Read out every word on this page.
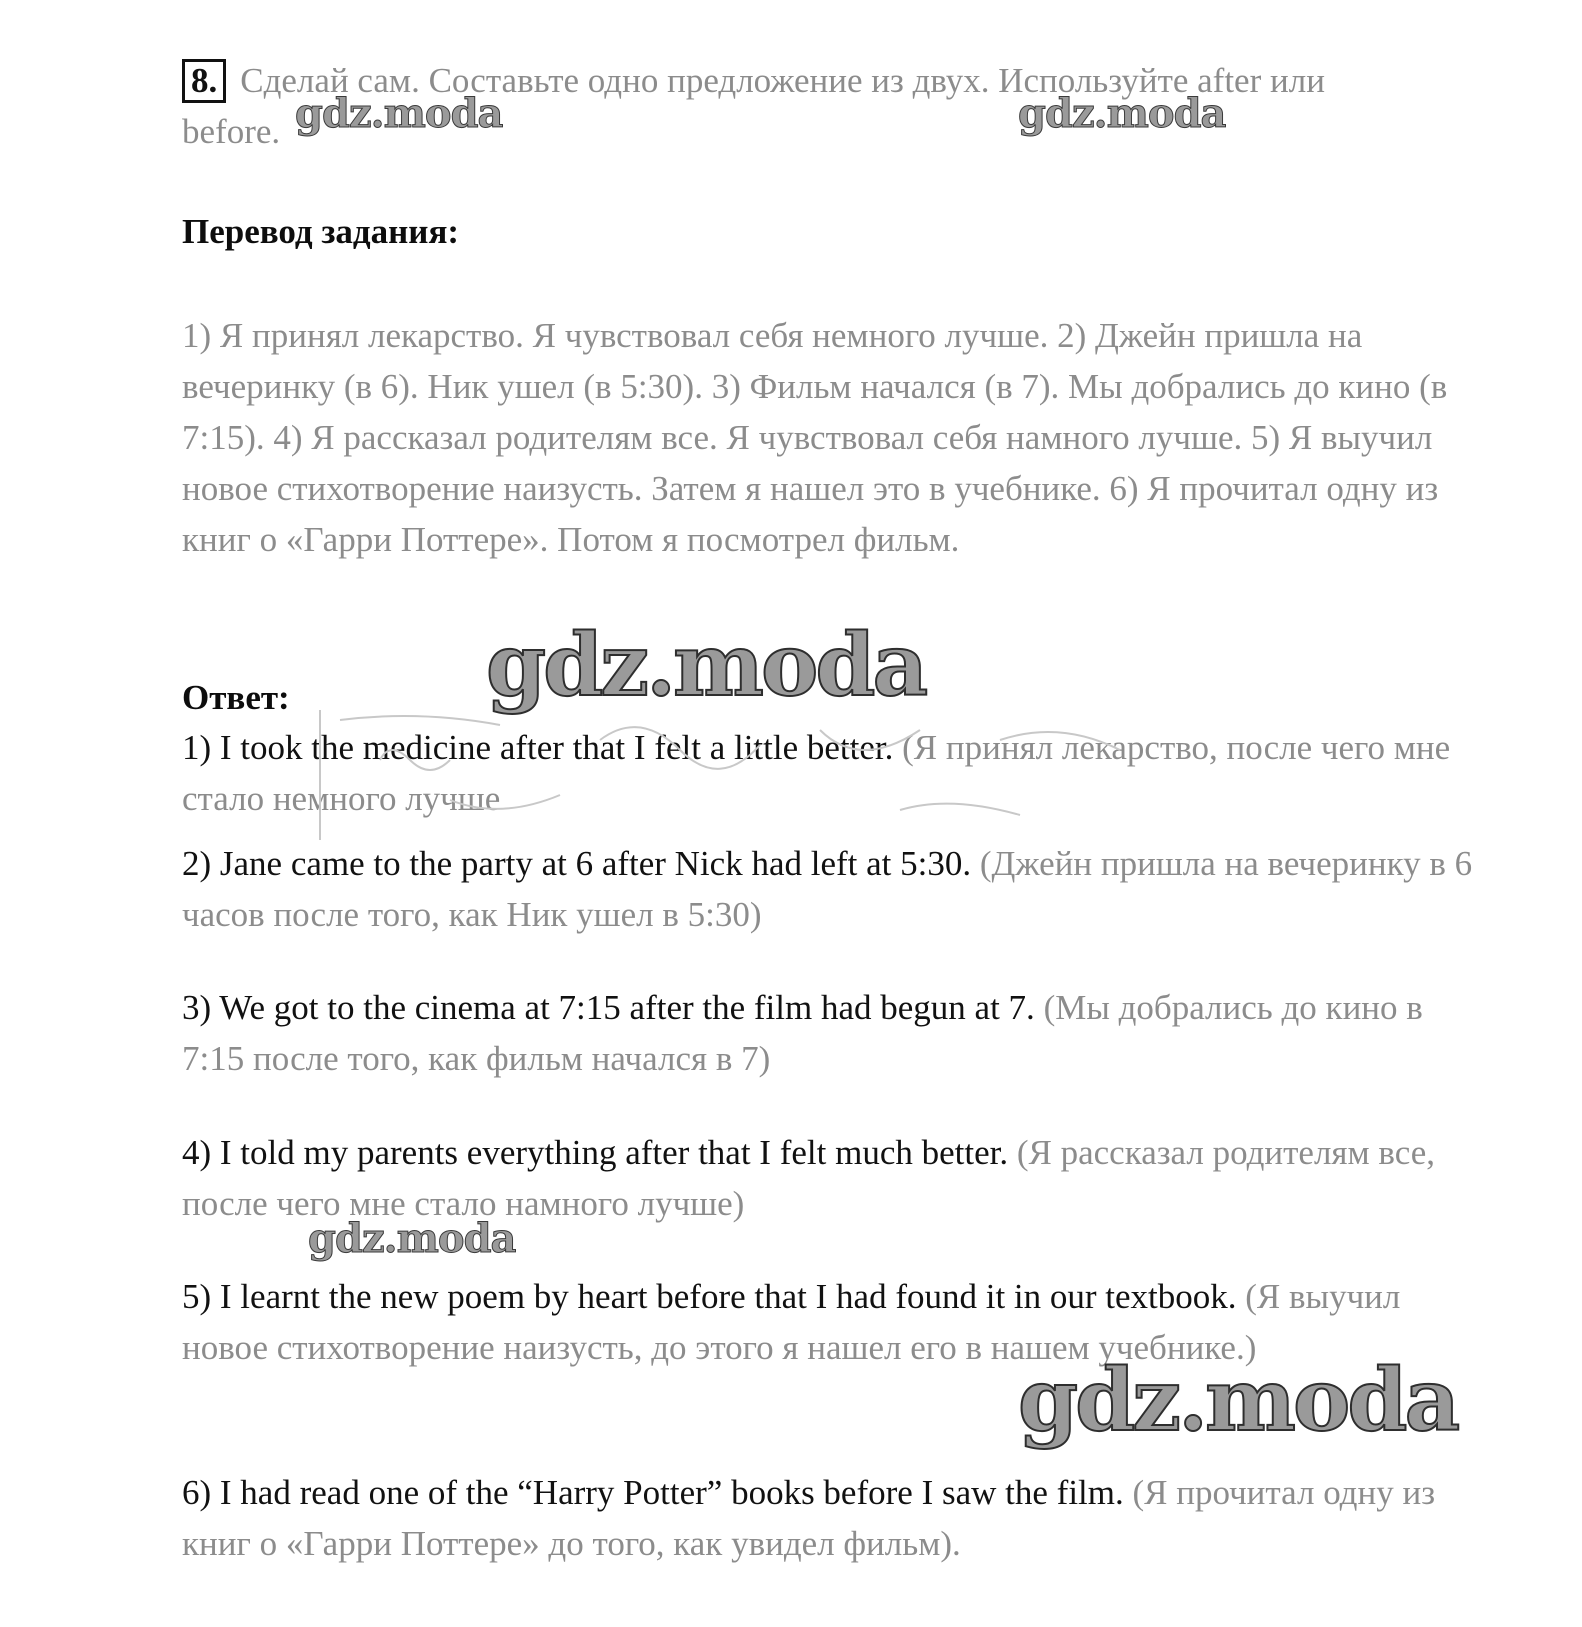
8. Сделай сам. Составьте одно предложение из двух. Используйте after или
before.
Перевод задания:
1) Я принял лекарство. Я чувствовал себя немного лучше. 2) Джейн пришла на вечеринку (в 6). Ник ушел (в 5:30). 3) Фильм начался (в 7). Мы добрались до кино (в 7:15). 4) Я рассказал родителям все. Я чувствовал себя намного лучше. 5) Я выучил новое стихотворение наизусть. Затем я нашел это в учебнике. 6) Я прочитал одну из книг о «Гарри Поттере». Потом я посмотрел фильм.
Ответ:
1) I took the medicine after that I felt a little better. (Я принял лекарство, после чего мне стало немного лучше
2) Jane came to the party at 6 after Nick had left at 5:30. (Джейн пришла на вечеринку в 6 часов после того, как Ник ушел в 5:30)
3) We got to the cinema at 7:15 after the film had begun at 7. (Мы добрались до кино в 7:15 после того, как фильм начался в 7)
4) I told my parents everything after that I felt much better. (Я рассказал родителям все, после чего мне стало намного лучше)
5) I learnt the new poem by heart before that I had found it in our textbook. (Я выучил новое стихотворение наизусть, до этого я нашел его в нашем учебнике.)
6) I had read one of the “Harry Potter” books before I saw the film. (Я прочитал одну из книг о «Гарри Поттере» до того, как увидел фильм).
gdz.moda	gdz.moda
gdz.moda
gdz.moda
gdz.moda
